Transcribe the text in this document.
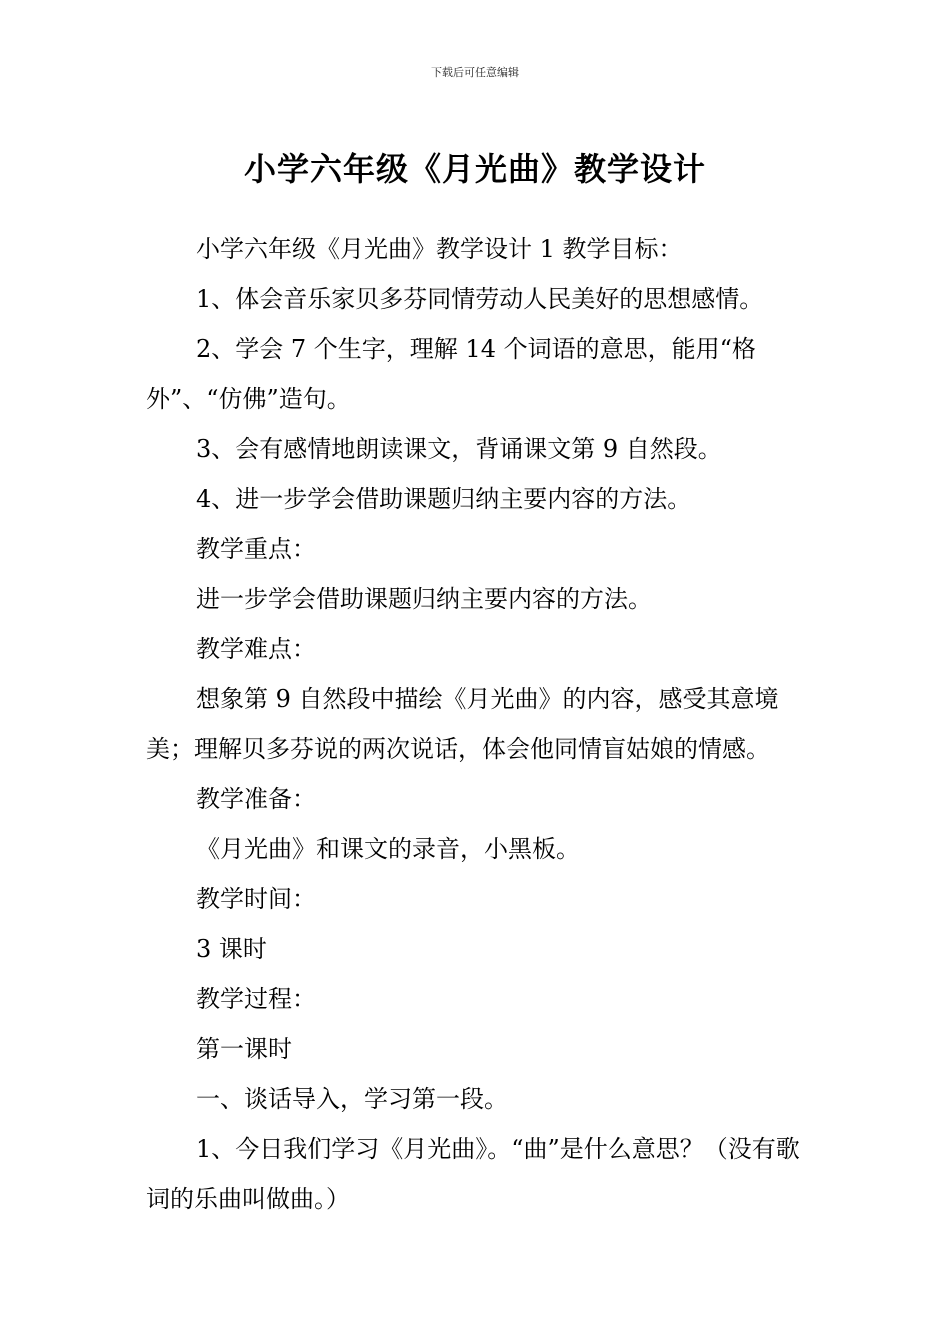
下载后可任意编辑
小学六年级《月光曲》教学设计

小学六年级《月光曲》教学设计 1 教学目标：

1、体会音乐家贝多芬同情劳动人民美好的思想感情。

2、学会 7 个生字，理解 14 个词语的意思，能用“格外”、“仿佛”造句。

3、会有感情地朗读课文，背诵课文第 9 自然段。

4、进一步学会借助课题归纳主要内容的方法。

教学重点：

进一步学会借助课题归纳主要内容的方法。

教学难点：

想象第 9 自然段中描绘《月光曲》的内容，感受其意境美；理解贝多芬说的两次说话，体会他同情盲姑娘的情感。

教学准备：

《月光曲》和课文的录音，小黑板。

教学时间：

3 课时

教学过程：

第一课时

一、谈话导入，学习第一段。

1、今日我们学习《月光曲》。“曲”是什么意思？（没有歌词的乐曲叫做曲。）
